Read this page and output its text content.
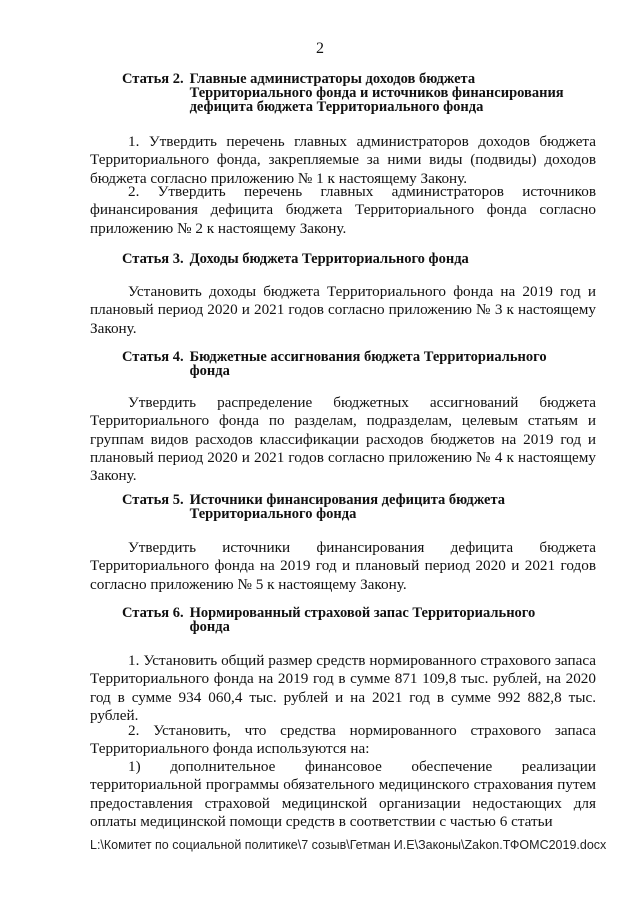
2
Статья 2. Главные администраторы доходов бюджета
Территориального фонда и источников финансирования
дефицита бюджета Территориального фонда
1. Утвердить перечень главных администраторов доходов бюджета Территориального фонда, закрепляемые за ними виды (подвиды) доходов бюджета согласно приложению № 1 к настоящему Закону.
2. Утвердить перечень главных администраторов источников финансирования дефицита бюджета Территориального фонда согласно приложению № 2 к настоящему Закону.
Статья 3. Доходы бюджета Территориального фонда
Установить доходы бюджета Территориального фонда на 2019 год и плановый период 2020 и 2021 годов согласно приложению № 3 к настоящему Закону.
Статья 4. Бюджетные ассигнования бюджета Территориального
фонда
Утвердить распределение бюджетных ассигнований бюджета Территориального фонда по разделам, подразделам, целевым статьям и группам видов расходов классификации расходов бюджетов на 2019 год и плановый период 2020 и 2021 годов согласно приложению № 4 к настоящему Закону.
Статья 5. Источники финансирования дефицита бюджета
Территориального фонда
Утвердить источники финансирования дефицита бюджета Территориального фонда на 2019 год и плановый период 2020 и 2021 годов согласно приложению № 5 к настоящему Закону.
Статья 6. Нормированный страховой запас Территориального
фонда
1. Установить общий размер средств нормированного страхового запаса Территориального фонда на 2019 год в сумме 871 109,8 тыс. рублей, на 2020 год в сумме 934 060,4 тыс. рублей и на 2021 год в сумме 992 882,8 тыс. рублей.
2. Установить, что средства нормированного страхового запаса Территориального фонда используются на:
1) дополнительное финансовое обеспечение реализации территориальной программы обязательного медицинского страхования путем предоставления страховой медицинской организации недостающих для оплаты медицинской помощи средств в соответствии с частью 6 статьи
L:\Комитет по социальной политике\7 созыв\Гетман И.Е\Законы\Zakon.ТФОМС2019.docx
